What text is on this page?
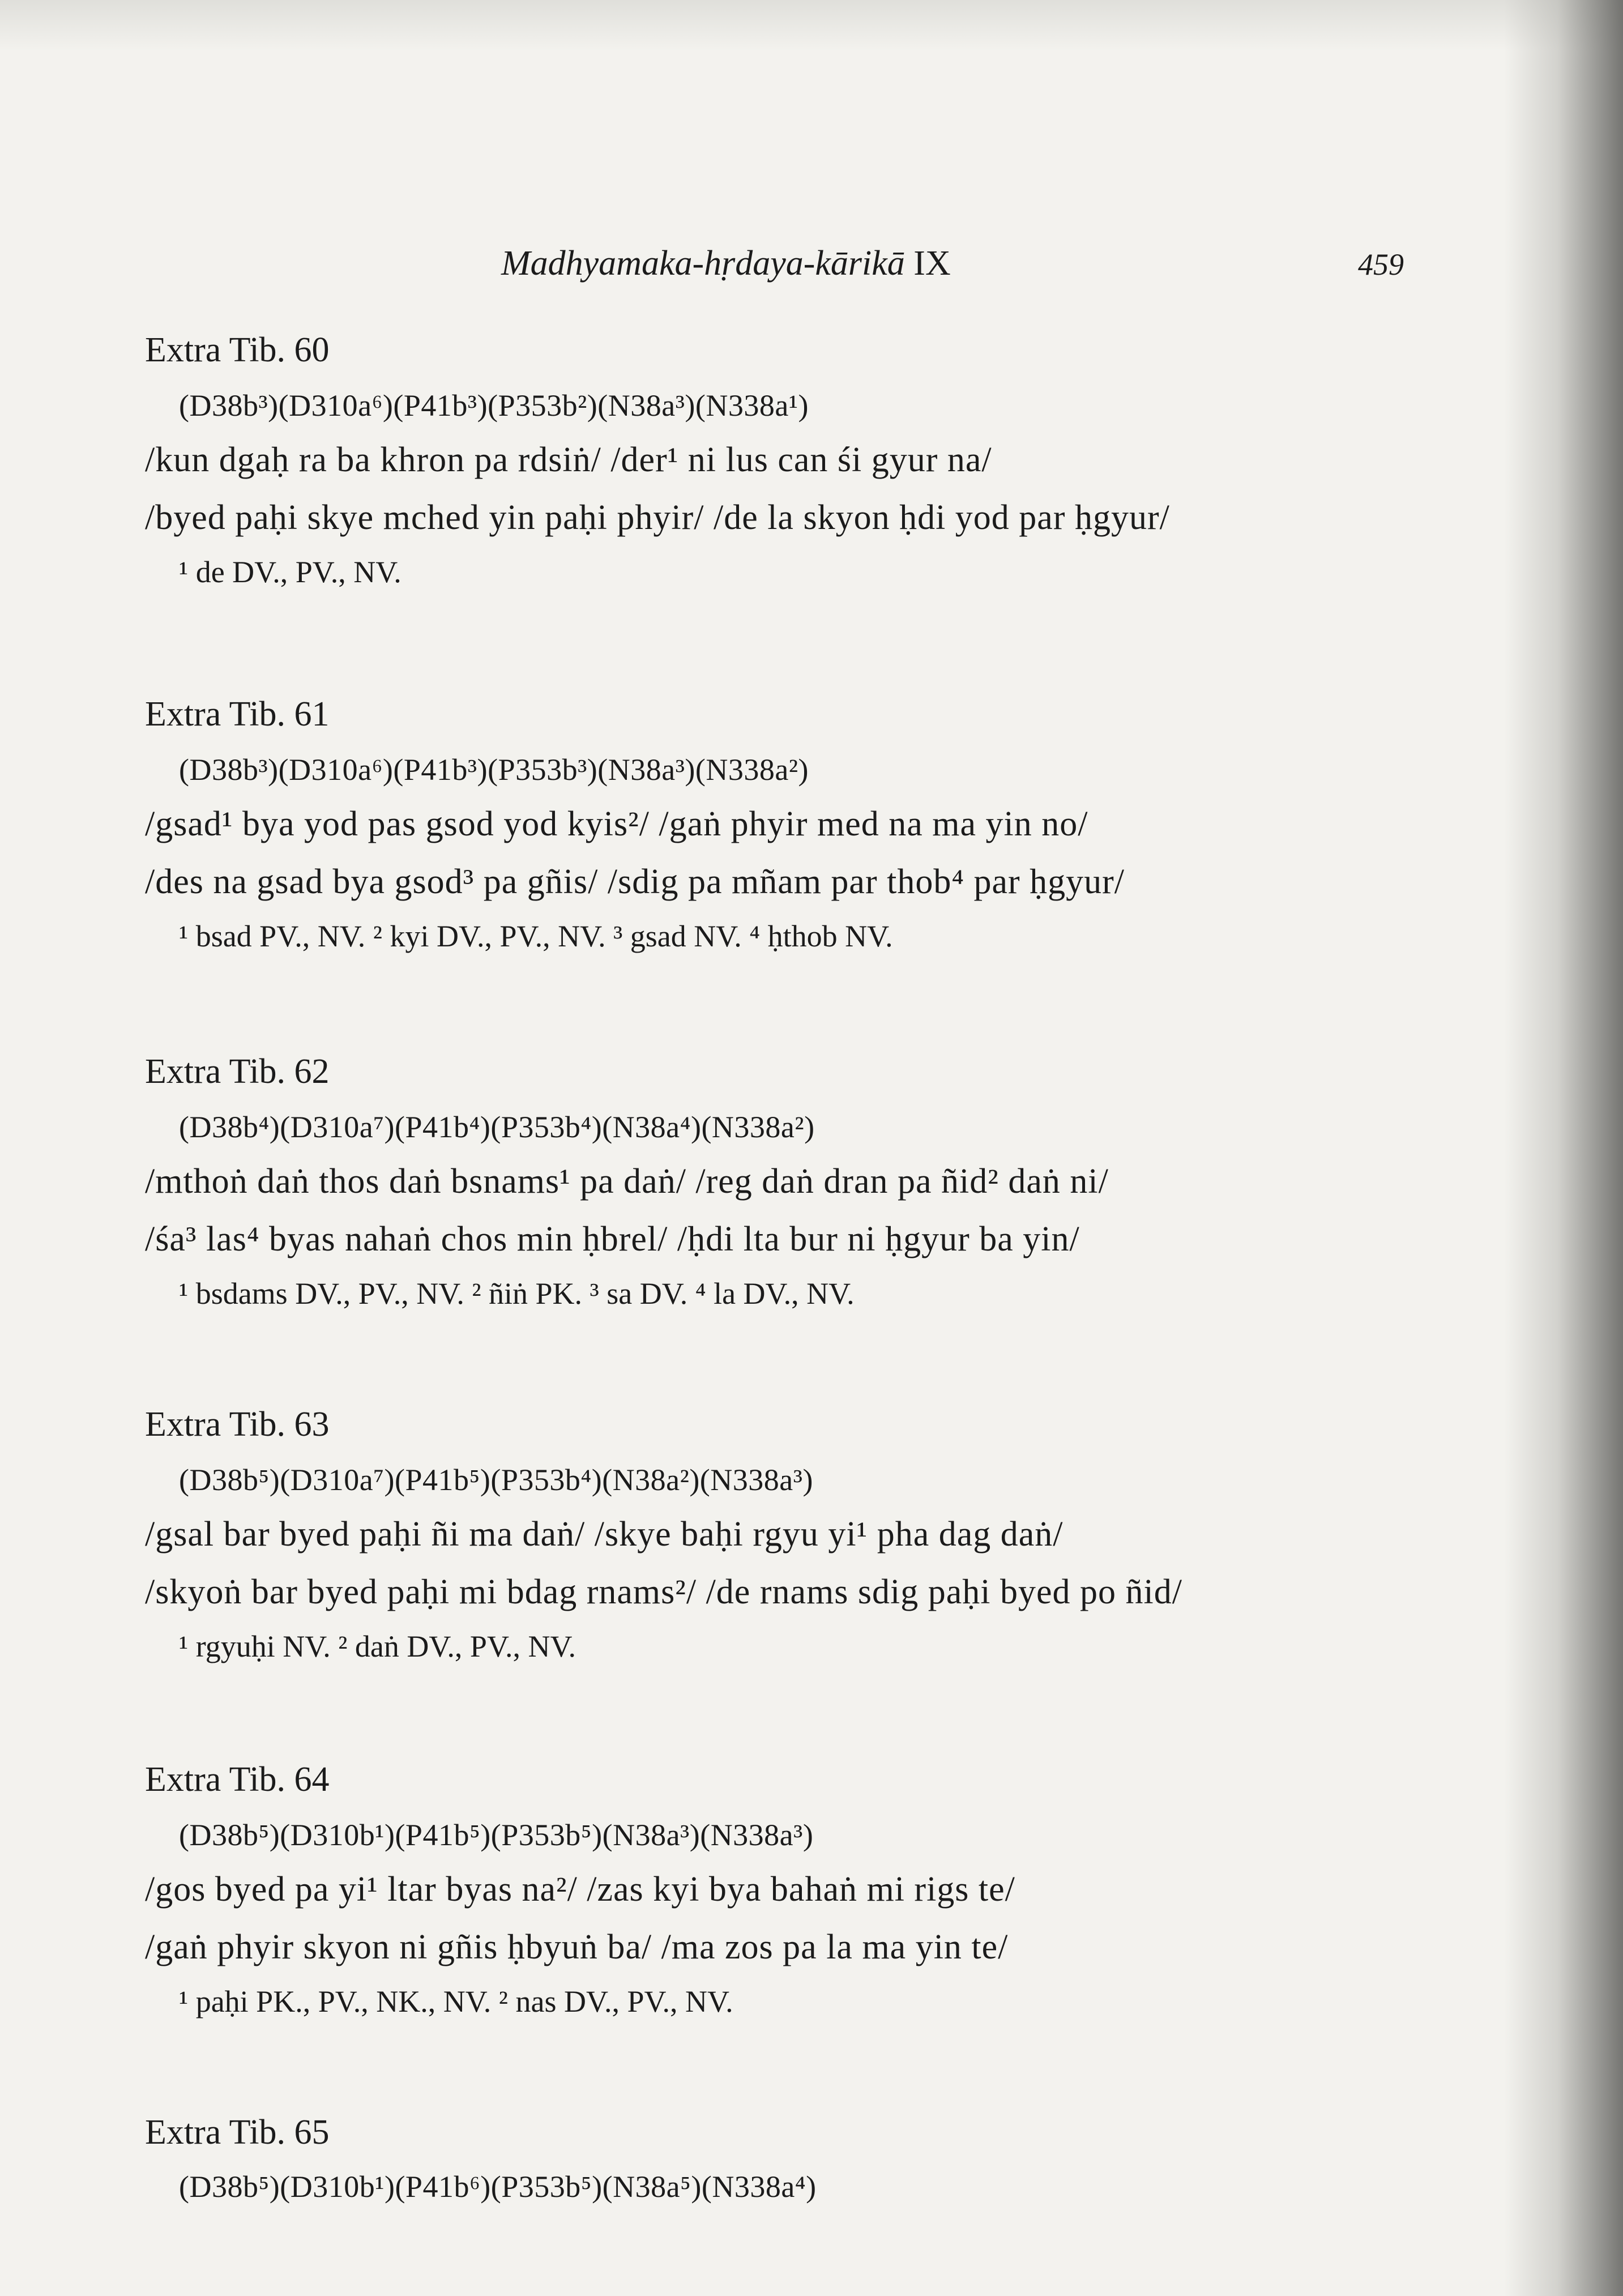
Madhyamaka-hṛdaya-kārikā IX	459
Extra Tib. 60
(D38b³)(D310a⁶)(P41b³)(P353b²)(N38a³)(N338a¹)
/kun dgaḥ ra ba khron pa rdsiṅ/ /der¹ ni lus can śi gyur na/
/byed paḥi skye mched yin paḥi phyir/ /de la skyon ḥdi yod par ḥgyur/
¹ de DV., PV., NV.
Extra Tib. 61
(D38b³)(D310a⁶)(P41b³)(P353b³)(N38a³)(N338a²)
/gsad¹ bya yod pas gsod yod kyis²/ /gaṅ phyir med na ma yin no/
/des na gsad bya gsod³ pa gñis/ /sdig pa mñam par thob⁴ par ḥgyur/
¹ bsad PV., NV. ² kyi DV., PV., NV. ³ gsad NV. ⁴ ḥthob NV.
Extra Tib. 62
(D38b⁴)(D310a⁷)(P41b⁴)(P353b⁴)(N38a⁴)(N338a²)
/mthoṅ daṅ thos daṅ bsnams¹ pa daṅ/ /reg daṅ dran pa ñid² daṅ ni/
/śa³ las⁴ byas nahaṅ chos min ḥbrel/ /ḥdi lta bur ni ḥgyur ba yin/
¹ bsdams DV., PV., NV. ² ñiṅ PK. ³ sa DV. ⁴ la DV., NV.
Extra Tib. 63
(D38b⁵)(D310a⁷)(P41b⁵)(P353b⁴)(N38a²)(N338a³)
/gsal bar byed paḥi ñi ma daṅ/ /skye baḥi rgyu yi¹ pha dag daṅ/
/skyoṅ bar byed paḥi mi bdag rnams²/ /de rnams sdig paḥi byed po ñid/
¹ rgyuḥi NV. ² daṅ DV., PV., NV.
Extra Tib. 64
(D38b⁵)(D310b¹)(P41b⁵)(P353b⁵)(N38a³)(N338a³)
/gos byed pa yi¹ ltar byas na²/ /zas kyi bya bahaṅ mi rigs te/
/gaṅ phyir skyon ni gñis ḥbyuṅ ba/ /ma zos pa la ma yin te/
¹ paḥi PK., PV., NK., NV. ² nas DV., PV., NV.
Extra Tib. 65
(D38b⁵)(D310b¹)(P41b⁶)(P353b⁵)(N38a⁵)(N338a⁴)
